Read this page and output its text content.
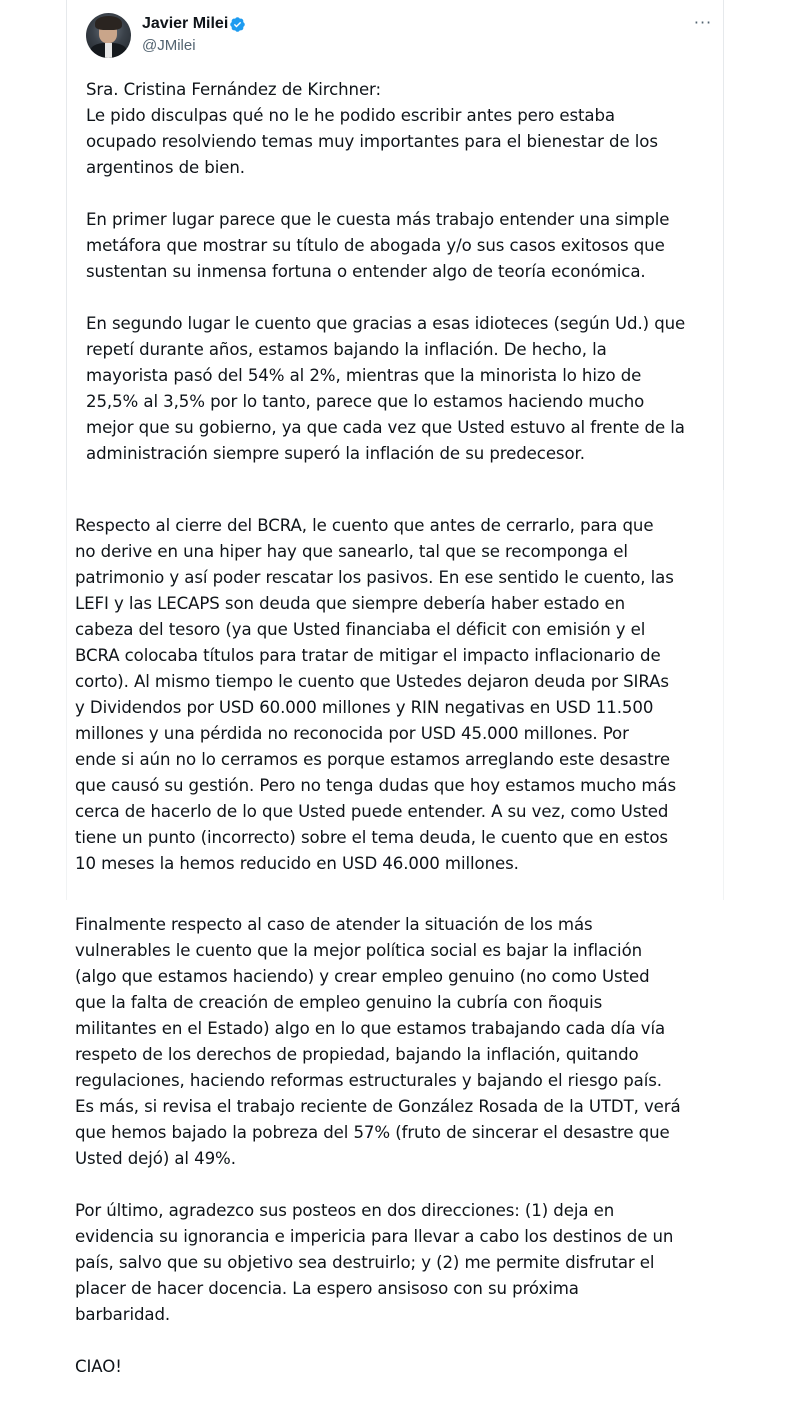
Javier Milei
@JMilei
···

Sra. Cristina Fernández de Kirchner:
Le pido disculpas qué no le he podido escribir antes pero estaba
ocupado resolviendo temas muy importantes para el bienestar de los
argentinos de bien.

En primer lugar parece que le cuesta más trabajo entender una simple
metáfora que mostrar su título de abogada y/o sus casos exitosos que
sustentan su inmensa fortuna o entender algo de teoría económica.

En segundo lugar le cuento que gracias a esas idioteces (según Ud.) que
repetí durante años, estamos bajando la inflación. De hecho, la
mayorista pasó del 54% al 2%, mientras que la minorista lo hizo de
25,5% al 3,5% por lo tanto, parece que lo estamos haciendo mucho
mejor que su gobierno, ya que cada vez que Usted estuvo al frente de la
administración siempre superó la inflación de su predecesor.

Respecto al cierre del BCRA, le cuento que antes de cerrarlo, para que
no derive en una hiper hay que sanearlo, tal que se recomponga el
patrimonio y así poder rescatar los pasivos. En ese sentido le cuento, las
LEFI y las LECAPS son deuda que siempre debería haber estado en
cabeza del tesoro (ya que Usted financiaba el déficit con emisión y el
BCRA colocaba títulos para tratar de mitigar el impacto inflacionario de
corto). Al mismo tiempo le cuento que Ustedes dejaron deuda por SIRAs
y Dividendos por USD 60.000 millones y RIN negativas en USD 11.500
millones y una pérdida no reconocida por USD 45.000 millones. Por
ende si aún no lo cerramos es porque estamos arreglando este desastre
que causó su gestión. Pero no tenga dudas que hoy estamos mucho más
cerca de hacerlo de lo que Usted puede entender. A su vez, como Usted
tiene un punto (incorrecto) sobre el tema deuda, le cuento que en estos
10 meses la hemos reducido en USD 46.000 millones.

Finalmente respecto al caso de atender la situación de los más
vulnerables le cuento que la mejor política social es bajar la inflación
(algo que estamos haciendo) y crear empleo genuino (no como Usted
que la falta de creación de empleo genuino la cubría con ñoquis
militantes en el Estado) algo en lo que estamos trabajando cada día vía
respeto de los derechos de propiedad, bajando la inflación, quitando
regulaciones, haciendo reformas estructurales y bajando el riesgo país.
Es más, si revisa el trabajo reciente de González Rosada de la UTDT, verá
que hemos bajado la pobreza del 57% (fruto de sincerar el desastre que
Usted dejó) al 49%.

Por último, agradezco sus posteos en dos direcciones: (1) deja en
evidencia su ignorancia e impericia para llevar a cabo los destinos de un
país, salvo que su objetivo sea destruirlo; y (2) me permite disfrutar el
placer de hacer docencia. La espero ansisoso con su próxima
barbaridad.

CIAO!
